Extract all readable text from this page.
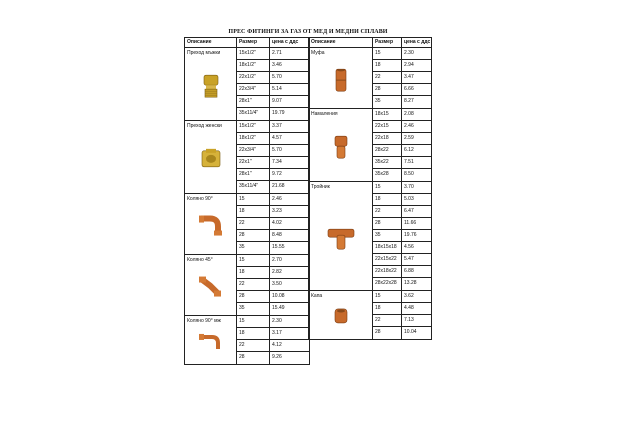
ПРЕС ФИТИНГИ ЗА ГАЗ ОТ МЕД И МЕДНИ СПЛАВИ
Описание	Размер	цена с ддс
Преход мъжки	15x1/2"	2.71
18x1/2"	3.46
22x1/2"	5.70
22x3/4"	5.14
28x1"	9.07
35x11/4"	19.79
Преход женски	15x1/2"	3.37
18x1/2"	4.57
22x3/4"	5.70
22x1"	7.34
28x1"	9.72
35x11/4"	21.68
Коляно 90°	15	2.46
18	3.23
22	4.02
28	8.48
35	15.55
Коляно 45°	15	2.70
18	2.82
22	3.50
28	10.08
35	15.49
Коляно 90° мж	15	2.30
18	3.17
22	4.12
28	9.26
Описание	Размер	цена с ддс
Муфа	15	2.30
18	2.94
22	3.47
28	6.66
35	8.27
Намаления	18x15	2.08
22x15	2.46
22x18	2.59
28x22	6.12
35x22	7.51
35x28	8.50
Тройник	15	3.70
18	5.03
22	6.47
28	11.66
35	19.76
18x15x18	4.56
22x15x22	5.47
22x18x22	6.88
28x22x28	13.28
Капа	15	3.62
18	4.48
22	7.13
28	10.04
